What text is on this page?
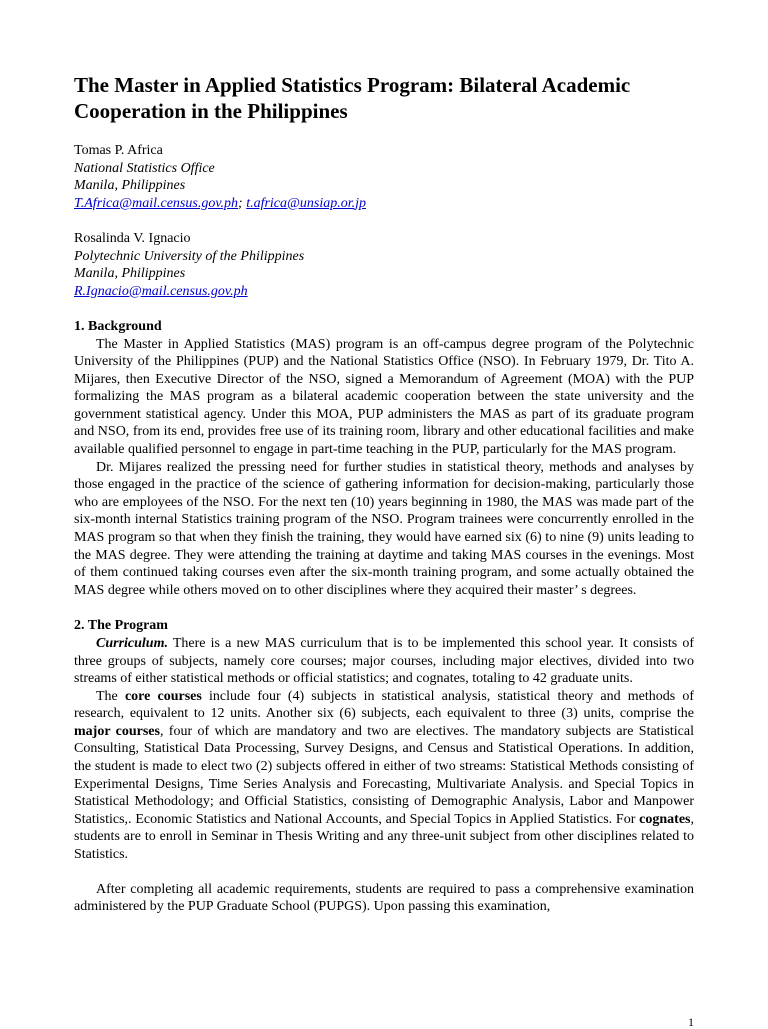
The Master in Applied Statistics Program: Bilateral Academic Cooperation in the Philippines
Tomas P. Africa
National Statistics Office
Manila, Philippines
T.Africa@mail.census.gov.ph; t.africa@unsiap.or.jp
Rosalinda V. Ignacio
Polytechnic University of the Philippines
Manila, Philippines
R.Ignacio@mail.census.gov.ph
1. Background

The Master in Applied Statistics (MAS) program is an off-campus degree program of the Polytechnic University of the Philippines (PUP) and the National Statistics Office (NSO). In February 1979, Dr. Tito A. Mijares, then Executive Director of the NSO, signed a Memorandum of Agreement (MOA) with the PUP formalizing the MAS program as a bilateral academic cooperation between the state university and the government statistical agency. Under this MOA, PUP administers the MAS as part of its graduate program and NSO, from its end, provides free use of its training room, library and other educational facilities and make available qualified personnel to engage in part-time teaching in the PUP, particularly for the MAS program.

Dr. Mijares realized the pressing need for further studies in statistical theory, methods and analyses by those engaged in the practice of the science of gathering information for decision-making, particularly those who are employees of the NSO. For the next ten (10) years beginning in 1980, the MAS was made part of the six-month internal Statistics training program of the NSO. Program trainees were concurrently enrolled in the MAS program so that when they finish the training, they would have earned six (6) to nine (9) units leading to the MAS degree. They were attending the training at daytime and taking MAS courses in the evenings. Most of them continued taking courses even after the six-month training program, and some actually obtained the MAS degree while others moved on to other disciplines where they acquired their master’ s degrees.

2. The Program

Curriculum. There is a new MAS curriculum that is to be implemented this school year. It consists of three groups of subjects, namely core courses; major courses, including major electives, divided into two streams of either statistical methods or official statistics; and cognates, totaling to 42 graduate units.

The core courses include four (4) subjects in statistical analysis, statistical theory and methods of research, equivalent to 12 units. Another six (6) subjects, each equivalent to three (3) units, comprise the major courses, four of which are mandatory and two are electives. The mandatory subjects are Statistical Consulting, Statistical Data Processing, Survey Designs, and Census and Statistical Operations. In addition, the student is made to elect two (2) subjects offered in either of two streams: Statistical Methods consisting of Experimental Designs, Time Series Analysis and Forecasting, Multivariate Analysis. and Special Topics in Statistical Methodology; and Official Statistics, consisting of Demographic Analysis, Labor and Manpower Statistics,. Economic Statistics and National Accounts, and Special Topics in Applied Statistics. For cognates, students are to enroll in Seminar in Thesis Writing and any three-unit subject from other disciplines related to Statistics.

After completing all academic requirements, students are required to pass a comprehensive examination administered by the PUP Graduate School (PUPGS). Upon passing this examination,

1
